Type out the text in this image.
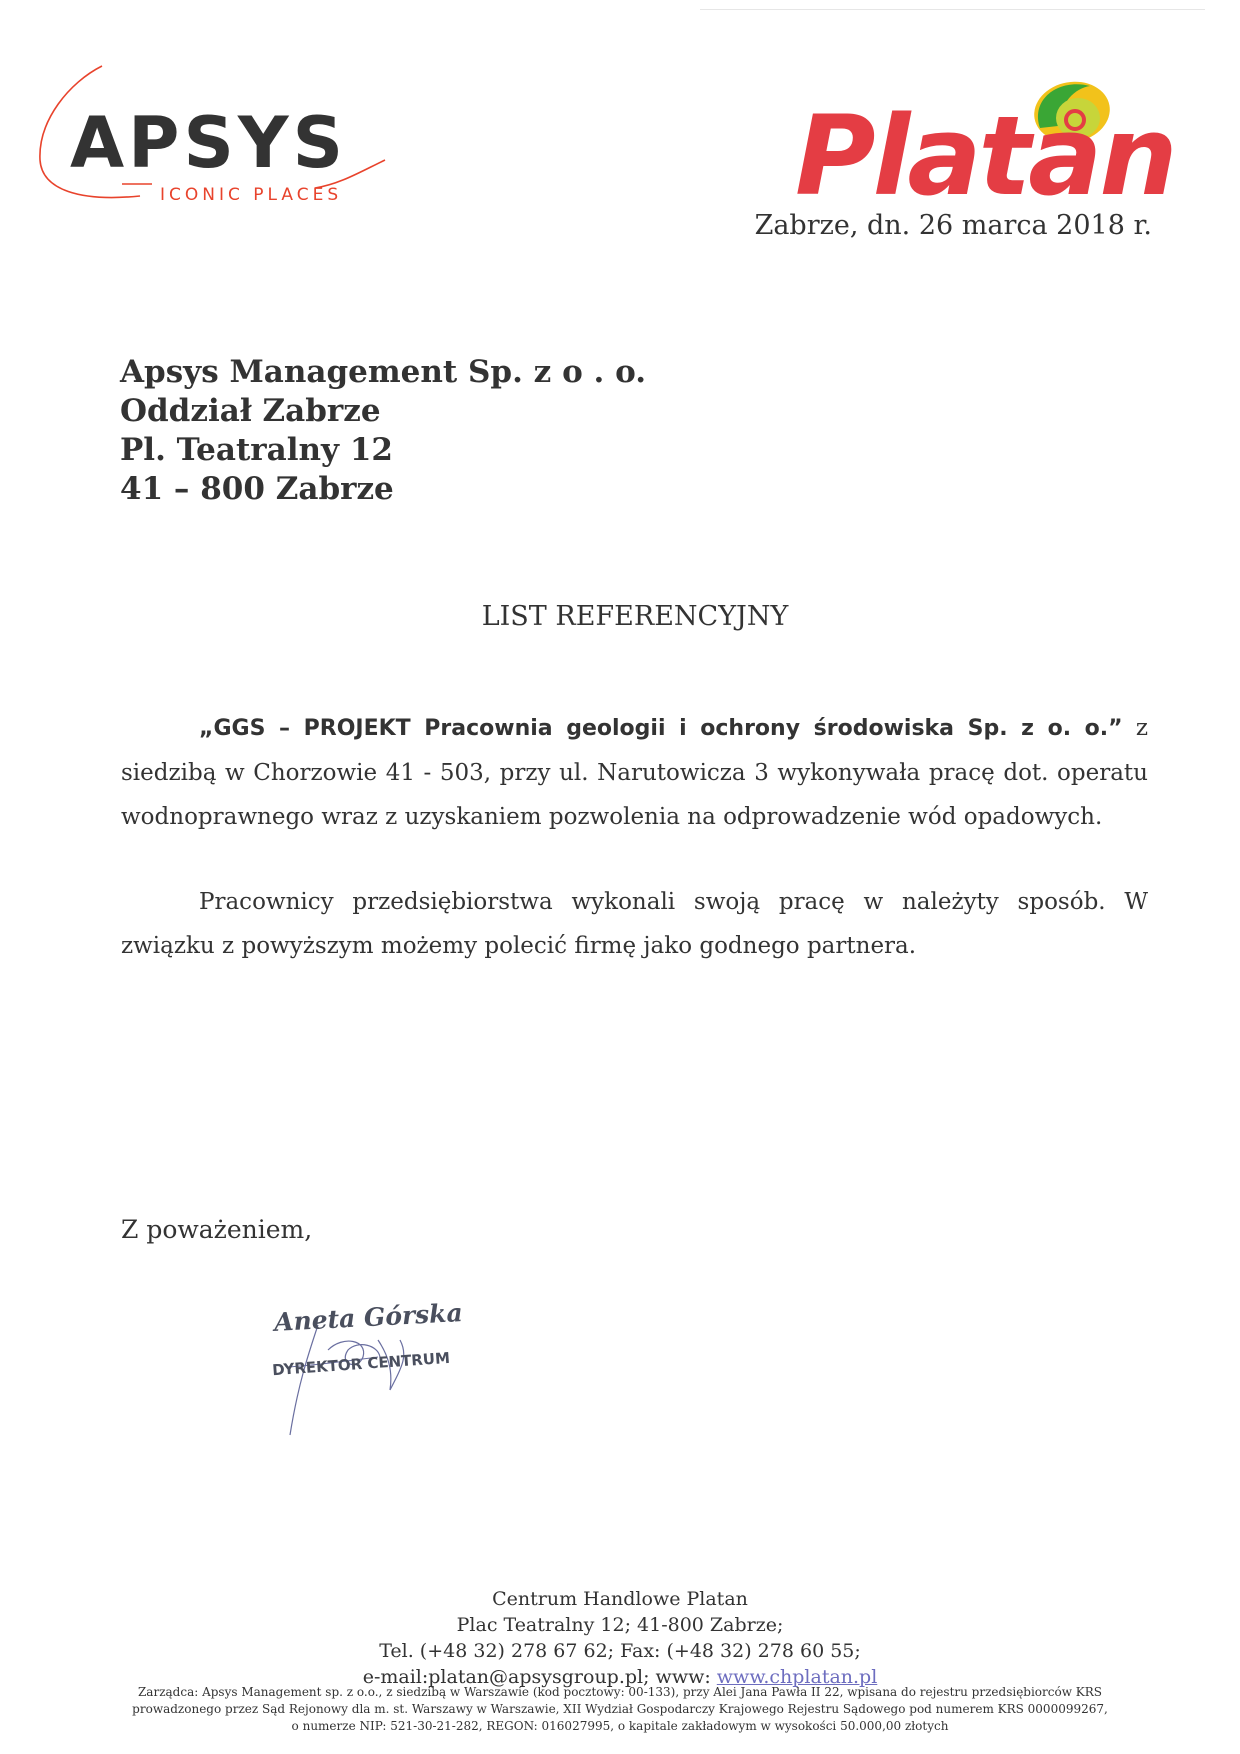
APSYS
ICONIC PLACES	Platan
Zabrze, dn. 26 marca 2018 r.
Apsys Management Sp. z o . o.
Oddział Zabrze
Pl. Teatralny 12
41 – 800 Zabrze
LIST REFERENCYJNY
„GGS – PROJEKT Pracownia geologii i ochrony środowiska Sp. z o. o.” z siedzibą w Chorzowie 41 - 503, przy ul. Narutowicza 3 wykonywała pracę dot. operatu wodnoprawnego wraz z uzyskaniem pozwolenia na odprowadzenie wód opadowych.
Pracownicy przedsiębiorstwa wykonali swoją pracę w należyty sposób. W związku z powyższym możemy polecić firmę jako godnego partnera.
Z poważeniem,
Aneta Górska
DYREKTOR CENTRUM
Centrum Handlowe Platan
Plac Teatralny 12; 41-800 Zabrze;
Tel. (+48 32) 278 67 62; Fax: (+48 32) 278 60 55;
e-mail:platan@apsysgroup.pl; www: www.chplatan.pl
Zarządca: Apsys Management sp. z o.o., z siedzibą w Warszawie (kod pocztowy: 00-133), przy Alei Jana Pawła II 22, wpisana do rejestru przedsiębiorców KRS
prowadzonego przez Sąd Rejonowy dla m. st. Warszawy w Warszawie, XII Wydział Gospodarczy Krajowego Rejestru Sądowego pod numerem KRS 0000099267,
o numerze NIP: 521-30-21-282, REGON: 016027995, o kapitale zakładowym w wysokości 50.000,00 złotych
